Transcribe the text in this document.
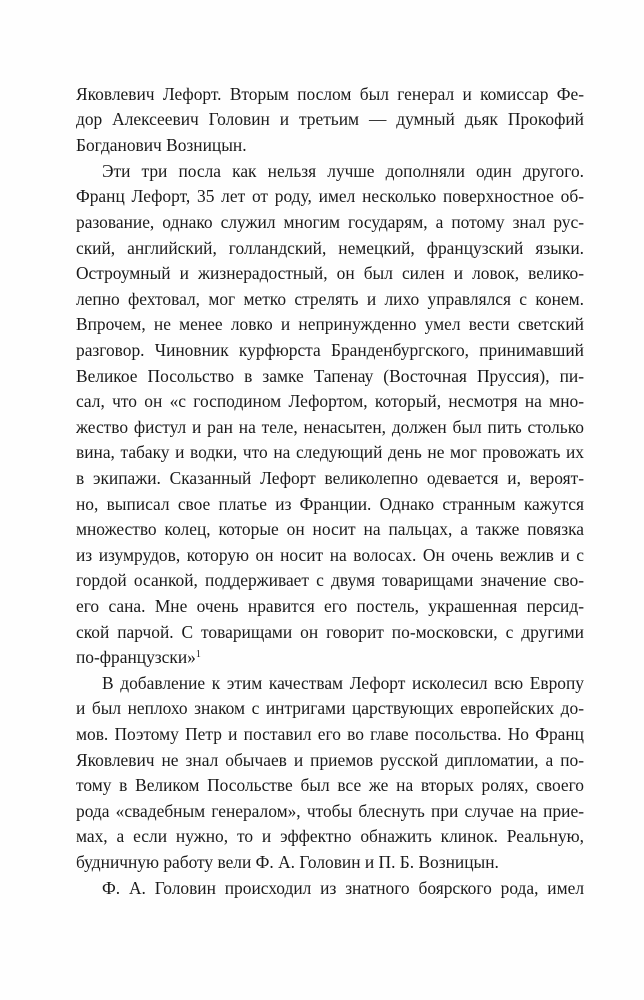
Яковлевич Лефорт. Вторым послом был генерал и комиссар Фе-
дор Алексеевич Головин и третьим — думный дьяк Прокофий
Богданович Возницын.
Эти три посла как нельзя лучше дополняли один другого.
Франц Лефорт, 35 лет от роду, имел несколько поверхностное об-
разование, однако служил многим государям, а потому знал рус-
ский, английский, голландский, немецкий, французский языки.
Остроумный и жизнерадостный, он был силен и ловок, велико-
лепно фехтовал, мог метко стрелять и лихо управлялся с конем.
Впрочем, не менее ловко и непринужденно умел вести светский
разговор. Чиновник курфюрста Бранденбургского, принимавший
Великое Посольство в замке Тапенау (Восточная Пруссия), пи-
сал, что он «с господином Лефортом, который, несмотря на мно-
жество фистул и ран на теле, ненасытен, должен был пить столько
вина, табаку и водки, что на следующий день не мог провожать их
в экипажи. Сказанный Лефорт великолепно одевается и, вероят-
но, выписал свое платье из Франции. Однако странным кажутся
множество колец, которые он носит на пальцах, а также повязка
из изумрудов, которую он носит на волосах. Он очень вежлив и с
гордой осанкой, поддерживает с двумя товарищами значение сво-
его сана. Мне очень нравится его постель, украшенная персид-
ской парчой. С товарищами он говорит по-московски, с другими
по-французски»$^1$
В добавление к этим качествам Лефорт исколесил всю Европу
и был неплохо знаком с интригами царствующих европейских до-
мов. Поэтому Петр и поставил его во главе посольства. Но Франц
Яковлевич не знал обычаев и приемов русской дипломатии, а по-
тому в Великом Посольстве был все же на вторых ролях, своего
рода «свадебным генералом», чтобы блеснуть при случае на прие-
мах, а если нужно, то и эффектно обнажить клинок. Реальную,
будничную работу вели Ф. А. Головин и П. Б. Возницын.
Ф. А. Головин происходил из знатного боярского рода, имел
